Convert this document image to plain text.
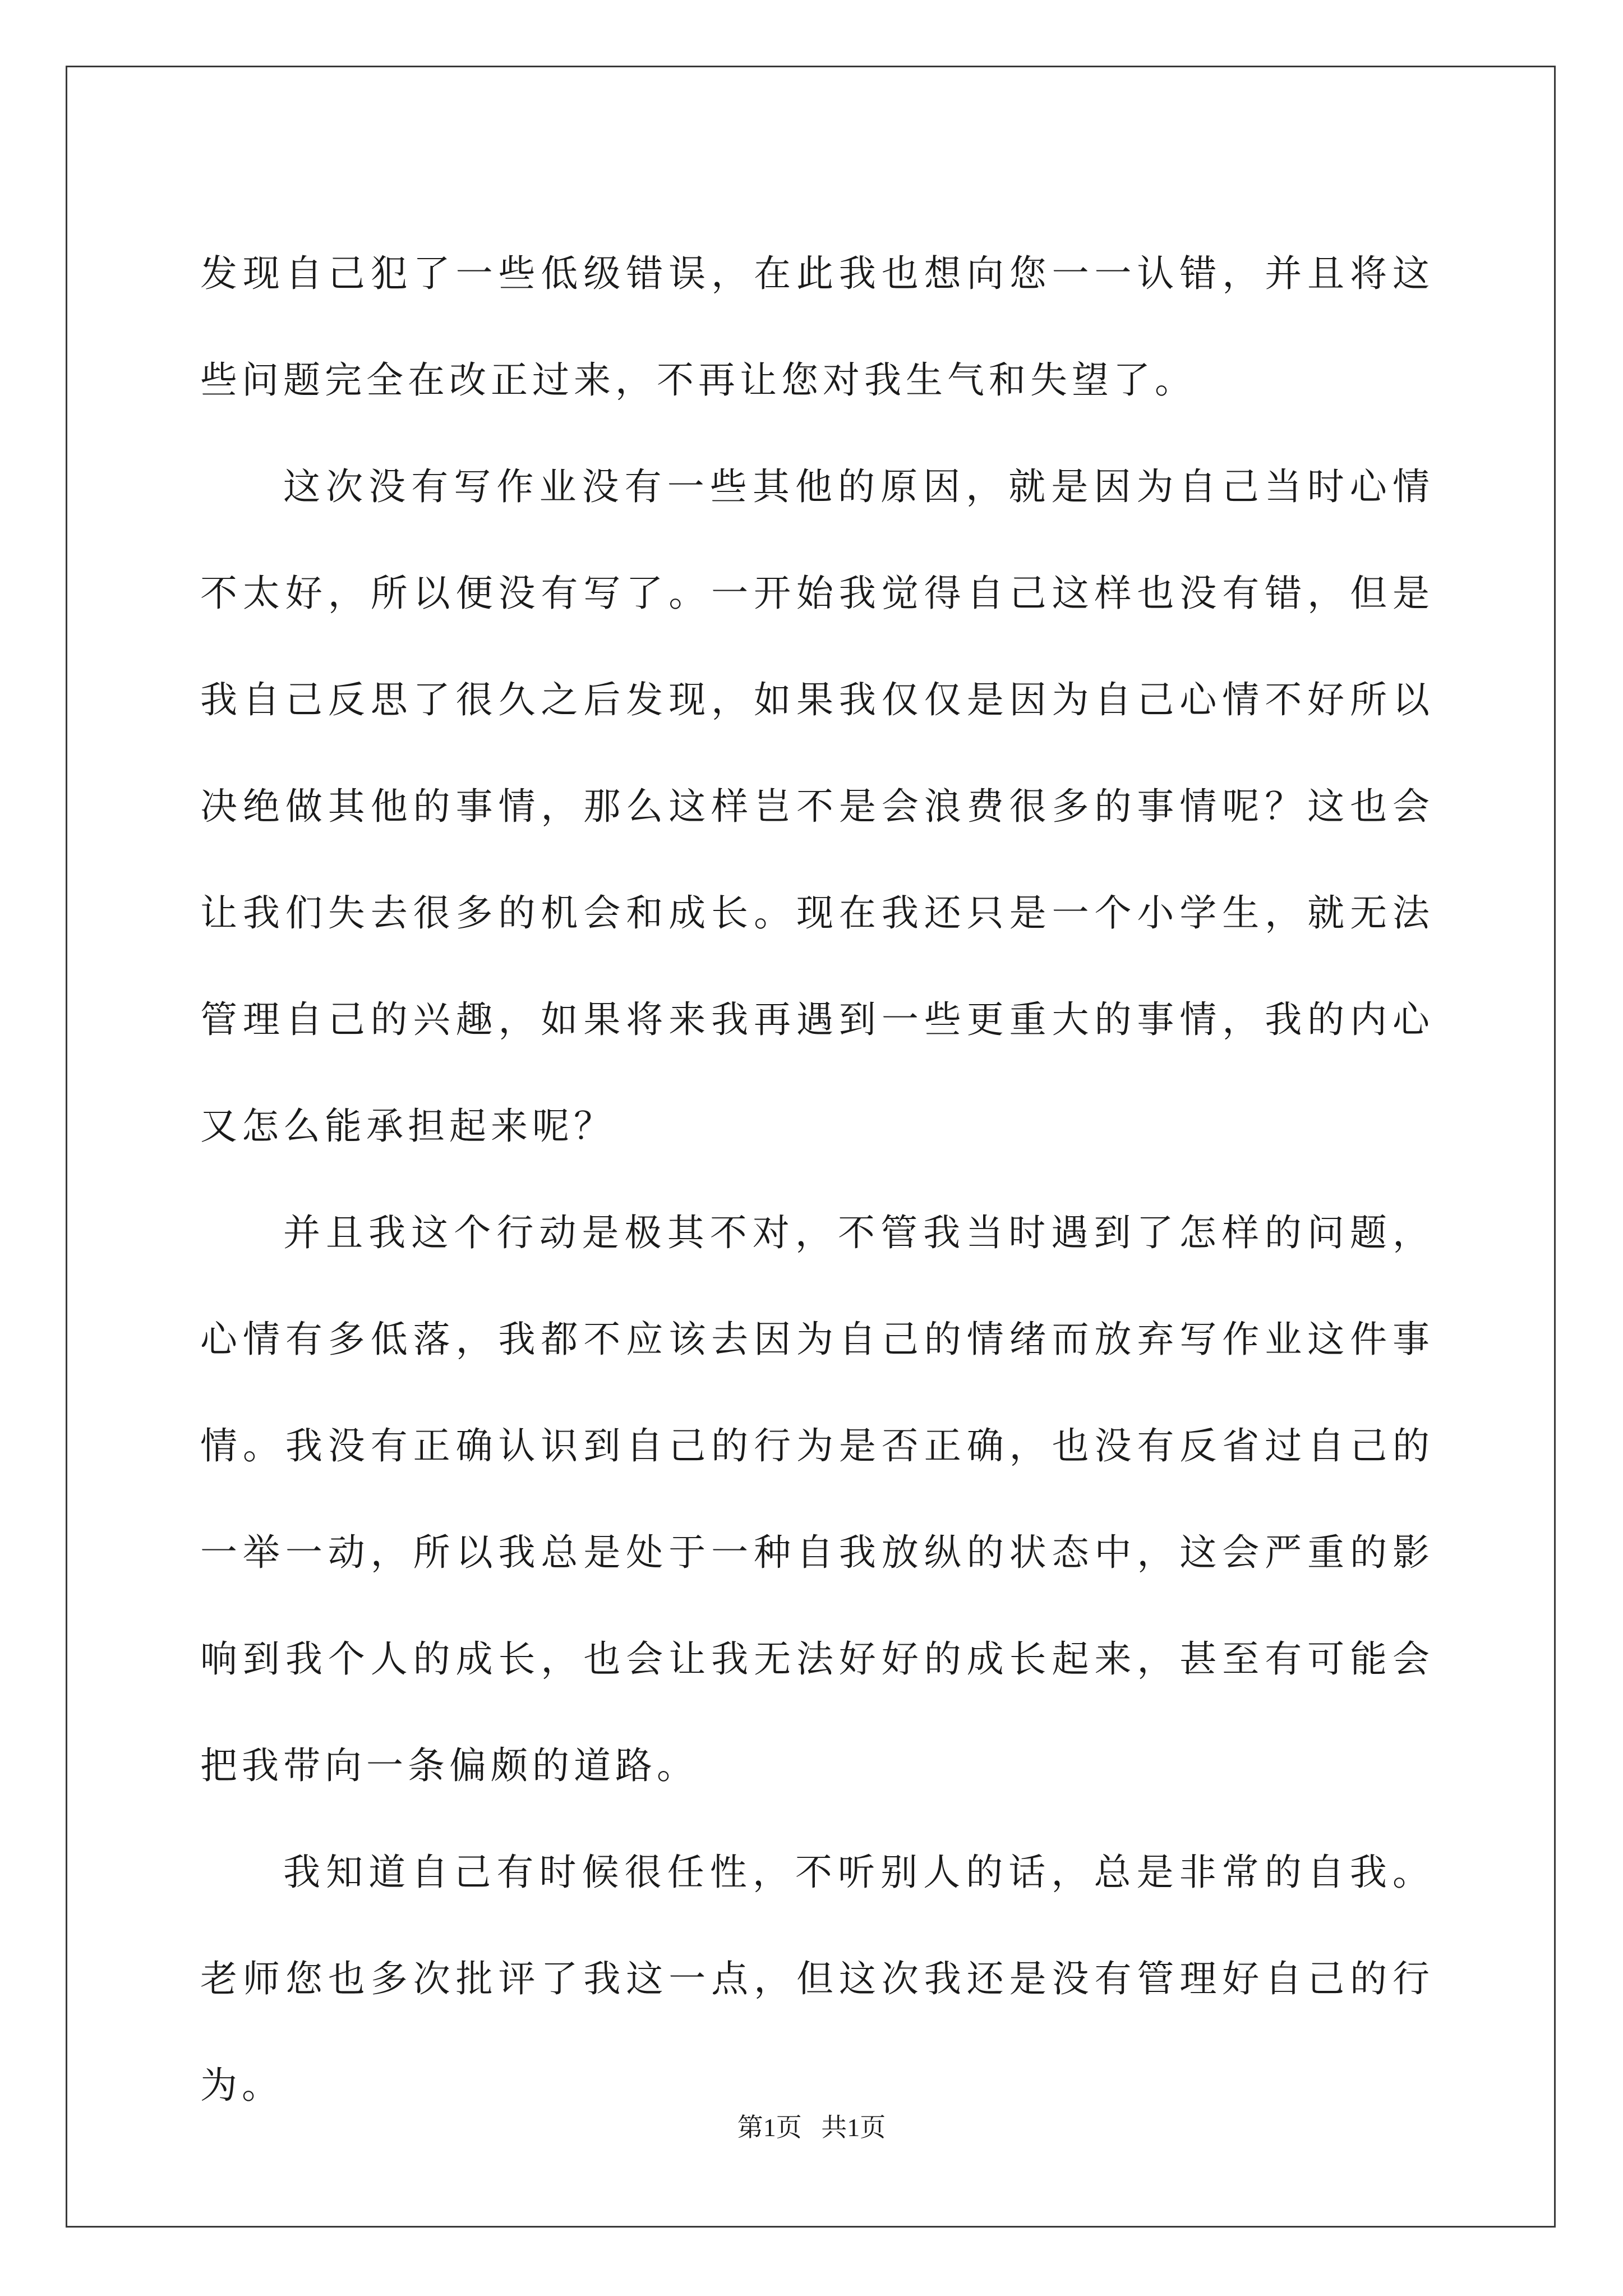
发现自己犯了一些低级错误，在此我也想向您一一认错，并且将这些问题完全在改正过来，不再让您对我生气和失望了。

这次没有写作业没有一些其他的原因，就是因为自己当时心情不太好，所以便没有写了。一开始我觉得自己这样也没有错，但是我自己反思了很久之后发现，如果我仅仅是因为自己心情不好所以决绝做其他的事情，那么这样岂不是会浪费很多的事情呢？这也会让我们失去很多的机会和成长。现在我还只是一个小学生，就无法管理自己的兴趣，如果将来我再遇到一些更重大的事情，我的内心又怎么能承担起来呢？

并且我这个行动是极其不对，不管我当时遇到了怎样的问题，心情有多低落，我都不应该去因为自己的情绪而放弃写作业这件事情。我没有正确认识到自己的行为是否正确，也没有反省过自己的一举一动，所以我总是处于一种自我放纵的状态中，这会严重的影响到我个人的成长，也会让我无法好好的成长起来，甚至有可能会把我带向一条偏颇的道路。

我知道自己有时候很任性，不听别人的话，总是非常的自我。老师您也多次批评了我这一点，但这次我还是没有管理好自己的行为。

第1页   共1页
